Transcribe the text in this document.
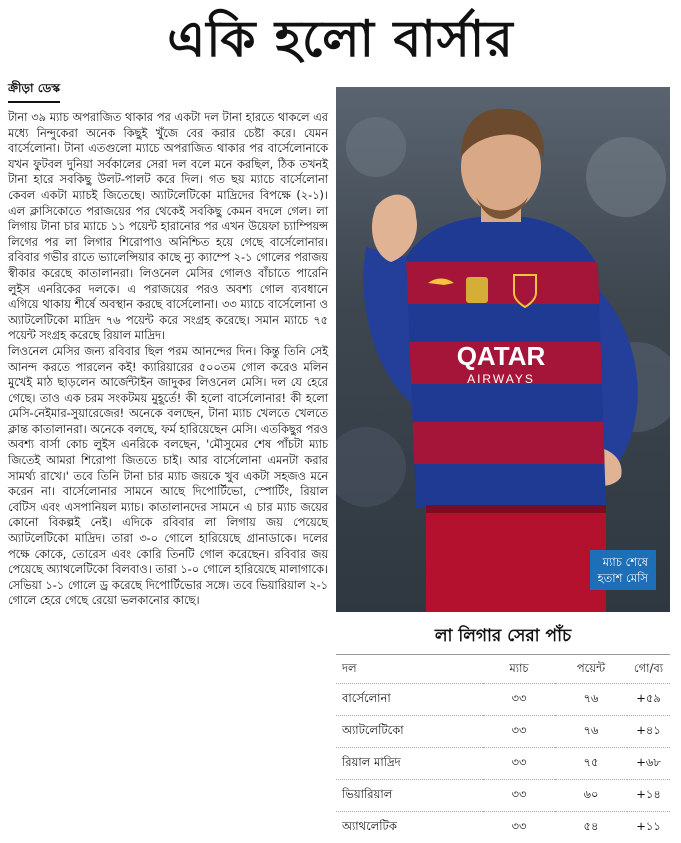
একি হলো বার্সার
ক্রীড়া ডেস্ক

টানা ৩৯ ম্যাচ অপরাজিত থাকার পর একটা দল টানা হারতে থাকলে এর মধ্যে নিন্দুকেরা অনেক কিছুই খুঁজে বের করার চেষ্টা করে। যেমন বার্সেলোনা। টানা এতগুলো ম্যাচে অপরাজিত থাকার পর বার্সেলোনাকে যখন ফুটবল দুনিয়া সর্বকালের সেরা দল বলে মনে করছিল, ঠিক তখনই টানা হারে সবকিছু উলট-পালট করে দিল। গত ছয় ম্যাচে বার্সেলোনা কেবল একটা ম্যাচই জিতেছে। অ্যাটলেটিকো মাদ্রিদের বিপক্ষে (২-১)। এল ক্লাসিকোতে পরাজয়ের পর থেকেই সবকিছু কেমন বদলে গেল। লা লিগায় টানা চার ম্যাচে ১১ পয়েন্ট হারানোর পর এখন উয়েফা চ্যাম্পিয়ন্স লিগের পর লা লিগার শিরোপাও অনিশ্চিত হয়ে গেছে বার্সেলোনার। রবিবার গভীর রাতে ভ্যালেন্সিয়ার কাছে ন্যু ক্যাম্পে ২-১ গোলের পরাজয় স্বীকার করেছে কাতালানরা। লিওনেল মেসির গোলও বাঁচাতে পারেনি লুইস এনরিকের দলকে। এ পরাজয়ের পরও অবশ্য গোল ব্যবধানে এগিয়ে থাকায় শীর্ষে অবস্থান করছে বার্সেলোনা। ৩৩ ম্যাচে বার্সেলোনা ও অ্যাটলেটিকো মাদ্রিদ ৭৬ পয়েন্ট করে সংগ্রহ করেছে। সমান ম্যাচে ৭৫ পয়েন্ট সংগ্রহ করেছে রিয়াল মাদ্রিদ।

লিওনেল মেসির জন্য রবিবার ছিল পরম আনন্দের দিন। কিন্তু তিনি সেই আনন্দ করতে পারলেন কই! ক্যারিয়ারের ৫০০তম গোল করেও মলিন মুখেই মাঠ ছাড়লেন আর্জেন্টাইন জাদুকর লিওনেল মেসি। দল যে হেরে গেছে। তাও এক চরম সংকটময় মুহূর্তে! কী হলো বার্সেলোনার! কী হলো মেসি-নেইমার-সুয়ারেজের! অনেকে বলছেন, টানা ম্যাচ খেলতে খেলতে ক্লান্ত কাতালানরা। অনেকে বলছে, ফর্ম হারিয়েছেন মেসি। এতকিছুর পরও অবশ্য বার্সা কোচ লুইস এনরিকে বলছেন, 'মৌসুমের শেষ পাঁচটা ম্যাচ জিতেই আমরা শিরোপা জিততে চাই। আর বার্সেলোনা এমনটা করার সামর্থ্য রাখে।' তবে তিনি টানা চার ম্যাচ জয়কে খুব একটা সহজও মনে করেন না। বার্সেলোনার সামনে আছে দিপোর্টিভো, স্পোর্টিং, রিয়াল বেটিস এবং এসপানিয়ল ম্যাচ। কাতালানদের সামনে এ চার ম্যাচ জয়ের কোনো বিকল্পই নেই। এদিকে রবিবার লা লিগায় জয় পেয়েছে অ্যাটলেটিকো মাদ্রিদ। তারা ৩-০ গোলে হারিয়েছে গ্রানাডাকে। দলের পক্ষে কোকে, তোরেস এবং কোরি তিনটি গোল করেছেন। রবিবার জয় পেয়েছে অ্যাথলেটিকো বিলবাও। তারা ১-০ গোলে হারিয়েছে মালাগাকে। সেভিয়া ১-১ গোলে ড্র করেছে দিপোর্টিভোর সঙ্গে। তবে ভিয়ারিয়াল ২-১ গোলে হেরে গেছে রেয়ো ভলকানোর কাছে।

QATAR
AIRWAYS
ম্যাচ শেষে
হতাশ মেসি
লা লিগার সেরা পাঁচ
দল	ম্যাচ	পয়েন্ট	গো/ব্য
বার্সেলোনা	৩৩	৭৬	+৫৯
অ্যাটলেটিকো	৩৩	৭৬	+৪১
রিয়াল মাদ্রিদ	৩৩	৭৫	+৬৮
ভিয়ারিয়াল	৩৩	৬০	+১৪
অ্যাথলেটিক	৩৩	৫৪	+১১
